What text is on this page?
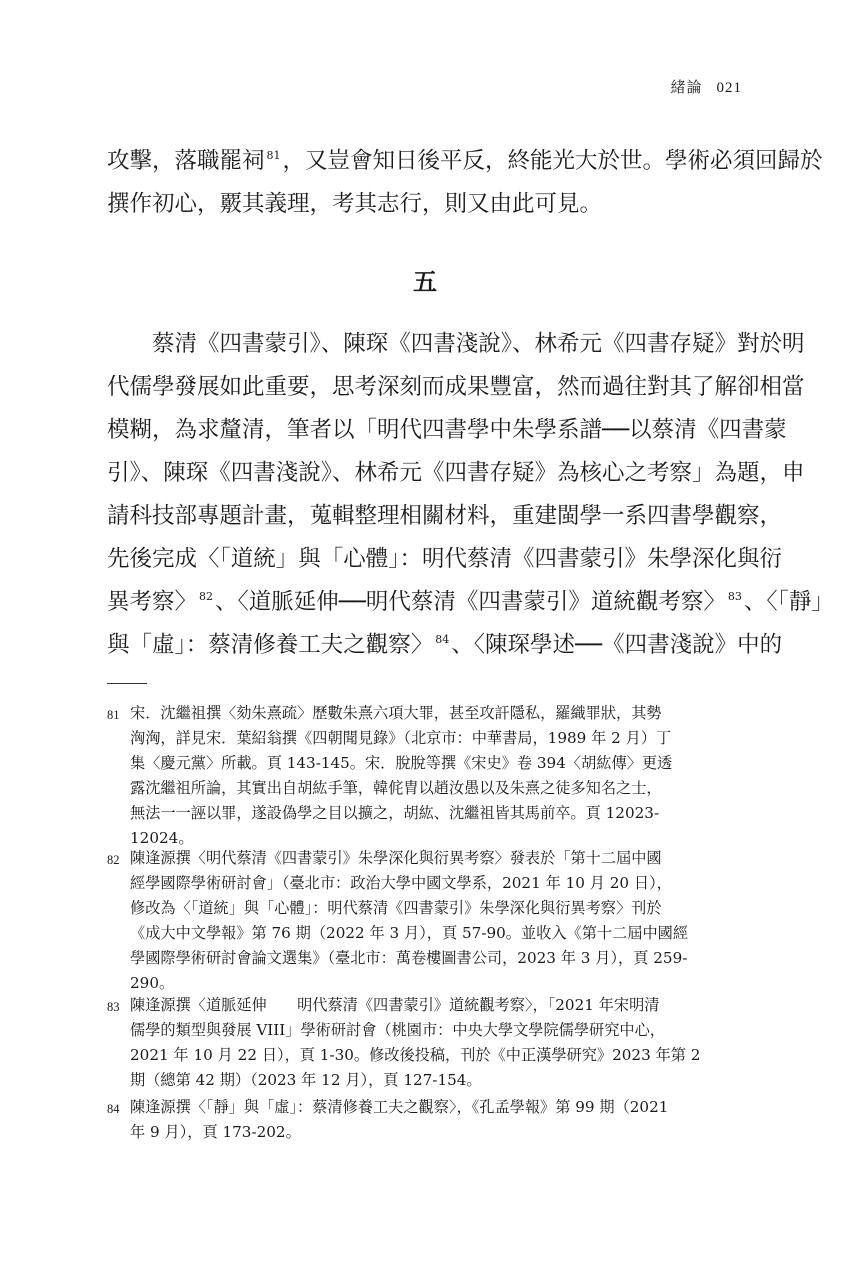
緒論 021
攻擊，落職罷祠 $^{81}$，又豈會知日後平反，終能光大於世。學術必須回歸於
撰作初心，覈其義理，考其志行，則又由此可見。
五
　　蔡清《四書蒙引》、陳琛《四書淺說》、林希元《四書存疑》對於明
代儒學發展如此重要，思考深刻而成果豐富，然而過往對其了解卻相當
模糊，為求釐清，筆者以「明代四書學中朱學系譜──以蔡清《四書蒙
引》、陳琛《四書淺說》、林希元《四書存疑》為核心之考察」為題，申
請科技部專題計畫，蒐輯整理相關材料，重建閩學一系四書學觀察，
先後完成〈「道統」與「心體」：明代蔡清《四書蒙引》朱學深化與衍
異考察〉 $^{82}$、〈道脈延伸──明代蔡清《四書蒙引》道統觀考察〉 $^{83}$、〈「靜」
與「虛」：蔡清修養工夫之觀察〉 $^{84}$、〈陳琛學述──《四書淺說》中的
81 宋．沈繼祖撰〈劾朱熹疏〉歷數朱熹六項大罪，甚至攻訐隱私，羅織罪狀，其勢
洶洶，詳見宋．葉紹翁撰《四朝聞見錄》（北京市：中華書局，1989 年 2 月）丁
集〈慶元黨〉所載。頁 143-145。宋．脫脫等撰《宋史》卷 394〈胡紘傳〉更透
露沈繼祖所論，其實出自胡紘手筆，韓侂胄以趙汝愚以及朱熹之徒多知名之士，
無法一一誣以罪，遂設偽學之目以擴之，胡紘、沈繼祖皆其馬前卒。頁 12023-
12024。
82 陳逢源撰〈明代蔡清《四書蒙引》朱學深化與衍異考察〉發表於「第十二屆中國
經學國際學術研討會」（臺北市：政治大學中國文學系，2021 年 10 月 20 日），
修改為〈「道統」與「心體」：明代蔡清《四書蒙引》朱學深化與衍異考察〉刊於
《成大中文學報》第 76 期（2022 年 3 月），頁 57-90。並收入《第十二屆中國經
學國際學術研討會論文選集》（臺北市：萬卷樓圖書公司，2023 年 3 月），頁 259-
290。
83 陳逢源撰〈道脈延伸　　明代蔡清《四書蒙引》道統觀考察〉，「2021 年宋明清
儒學的類型與發展 VIII」學術研討會（桃園市：中央大學文學院儒學研究中心，
2021 年 10 月 22 日），頁 1-30。修改後投稿，刊於《中正漢學研究》2023 年第 2
期（總第 42 期）（2023 年 12 月），頁 127-154。
84 陳逢源撰〈「靜」與「虛」：蔡清修養工夫之觀察〉，《孔孟學報》第 99 期（2021
年 9 月），頁 173-202。
